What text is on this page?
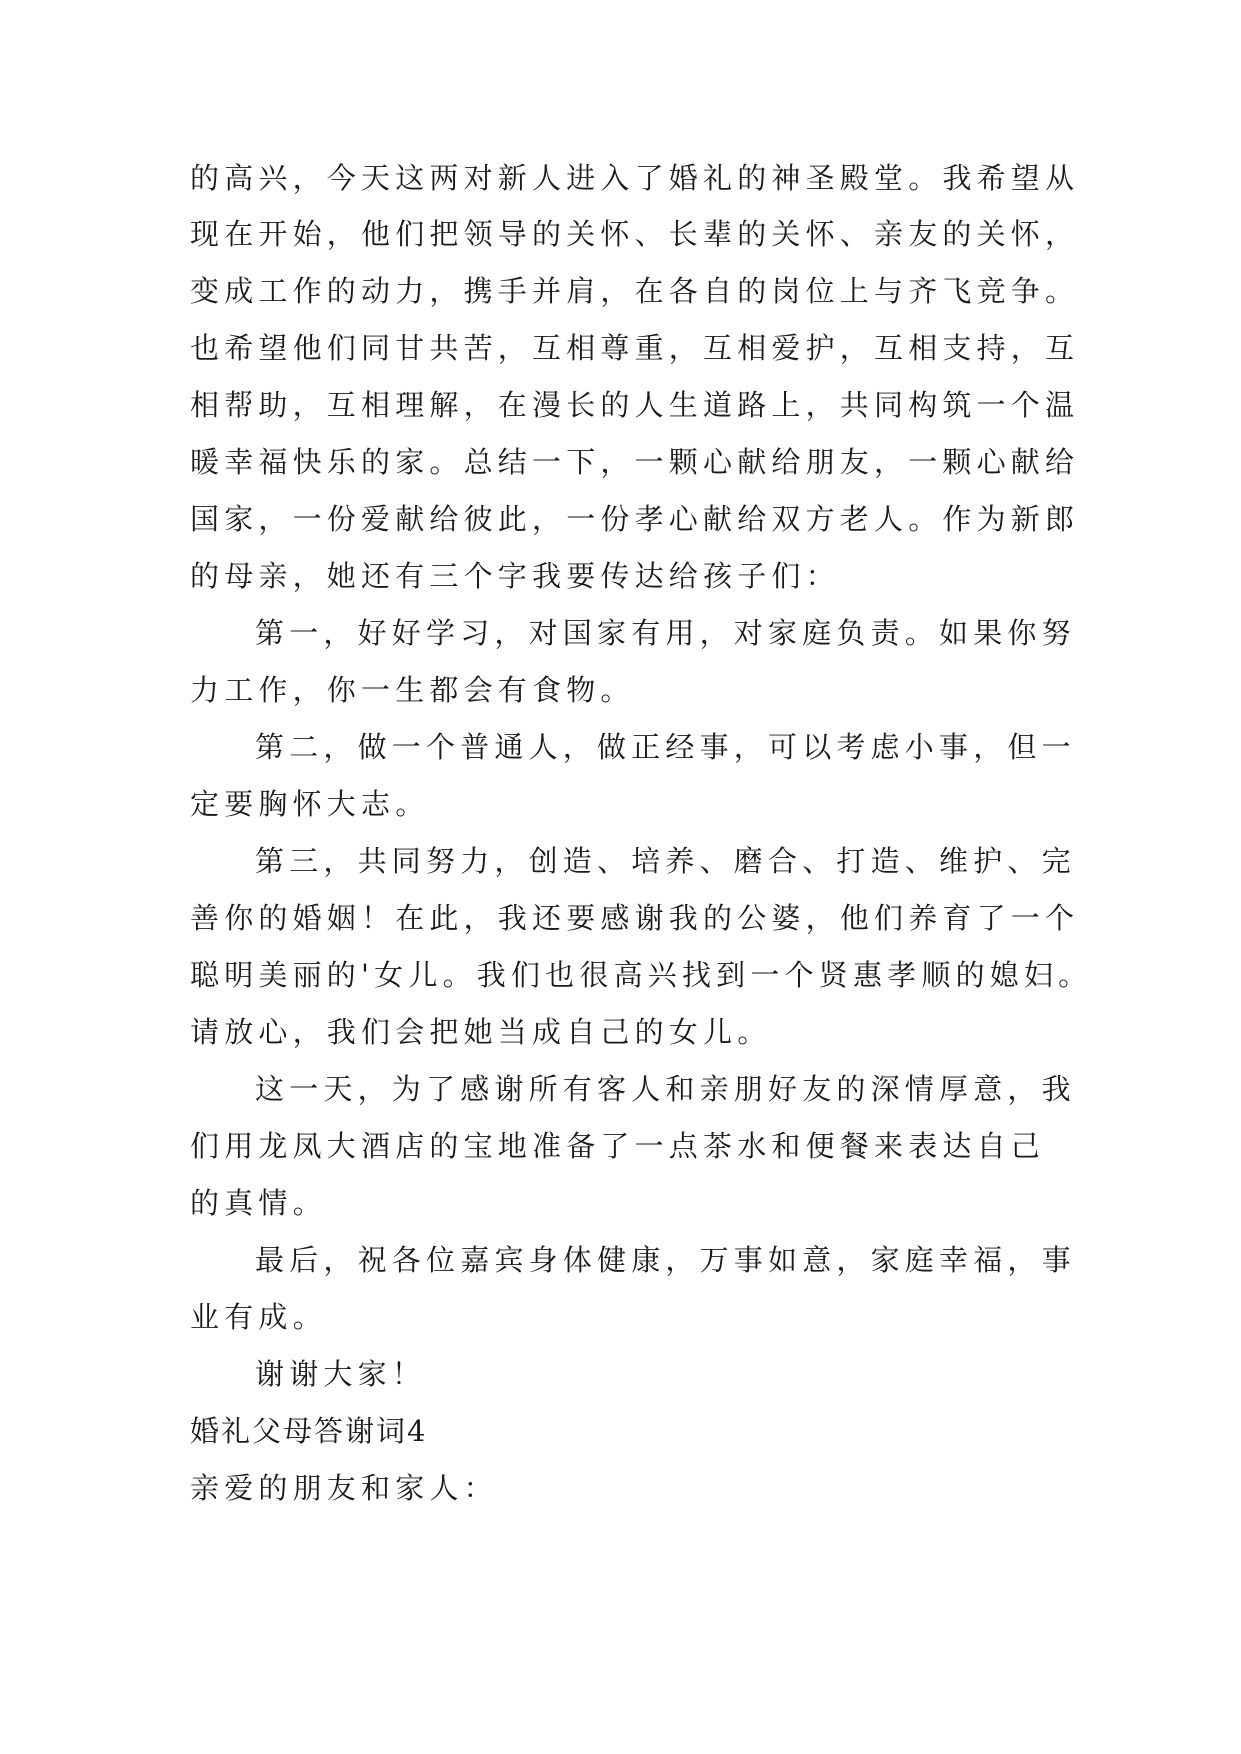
的高兴，今天这两对新人进入了婚礼的神圣殿堂。我希望从
现在开始，他们把领导的关怀、长辈的关怀、亲友的关怀，
变成工作的动力，携手并肩，在各自的岗位上与齐飞竞争。
也希望他们同甘共苦，互相尊重，互相爱护，互相支持，互
相帮助，互相理解，在漫长的人生道路上，共同构筑一个温
暖幸福快乐的家。总结一下，一颗心献给朋友，一颗心献给
国家，一份爱献给彼此，一份孝心献给双方老人。作为新郎
的母亲，她还有三个字我要传达给孩子们：
第一，好好学习，对国家有用，对家庭负责。如果你努
力工作，你一生都会有食物。
第二，做一个普通人，做正经事，可以考虑小事，但一
定要胸怀大志。
第三，共同努力，创造、培养、磨合、打造、维护、完
善你的婚姻！在此，我还要感谢我的公婆，他们养育了一个
聪明美丽的'女儿。我们也很高兴找到一个贤惠孝顺的媳妇。
请放心，我们会把她当成自己的女儿。
这一天，为了感谢所有客人和亲朋好友的深情厚意，我
们用龙凤大酒店的宝地准备了一点茶水和便餐来表达自己
的真情。
最后，祝各位嘉宾身体健康，万事如意，家庭幸福，事
业有成。
谢谢大家！
婚礼父母答谢词4
亲爱的朋友和家人：
